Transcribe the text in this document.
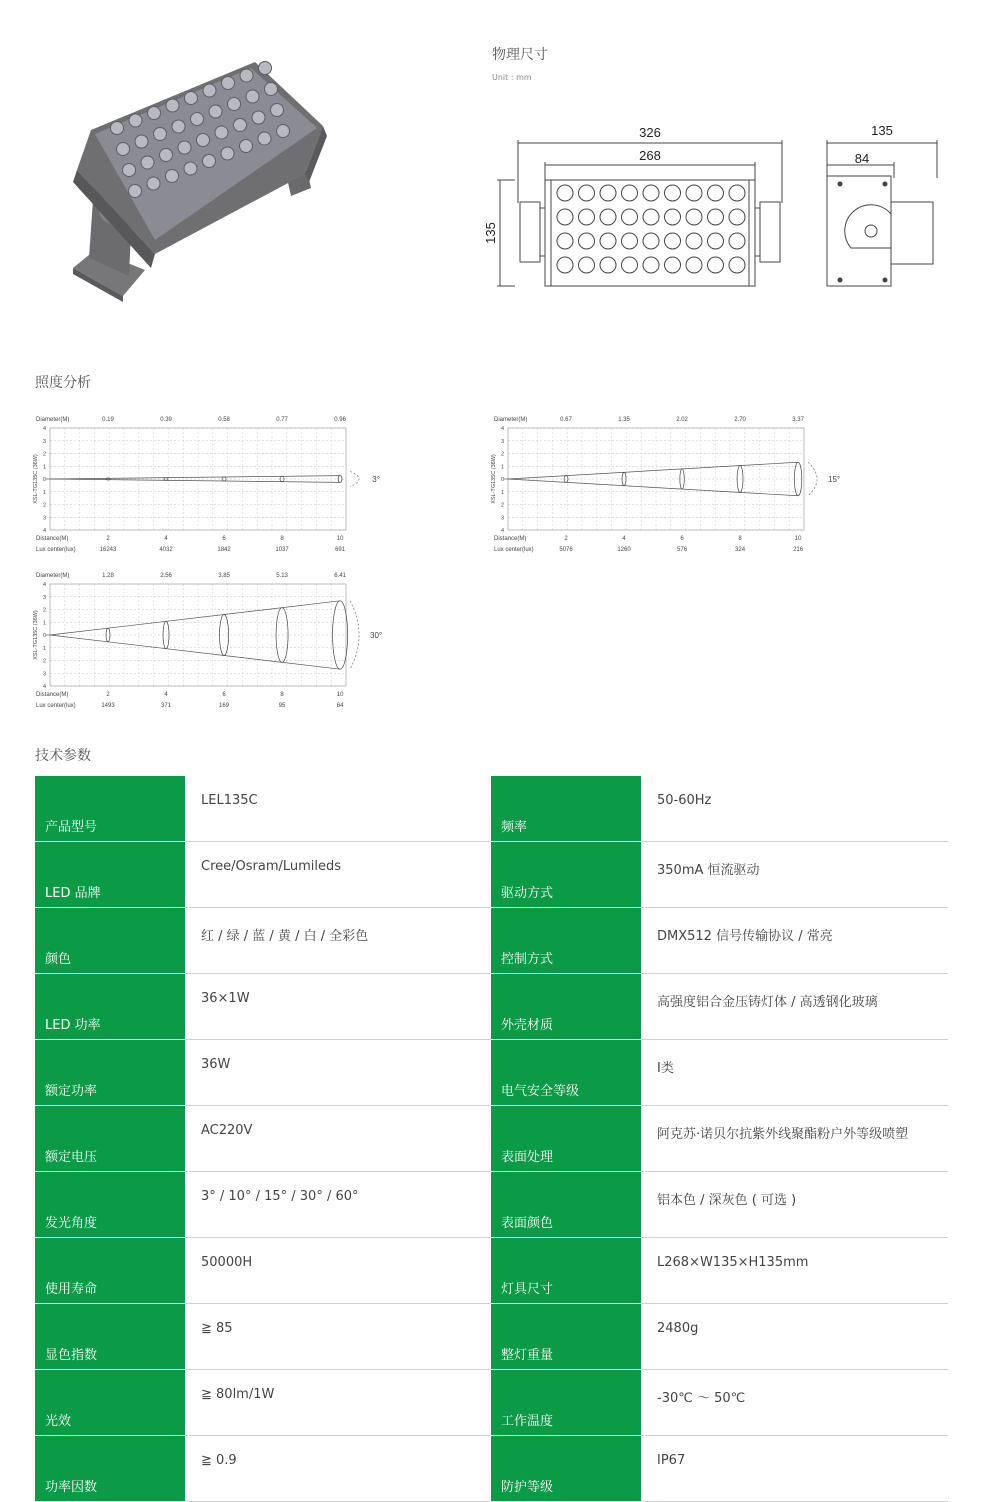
物理尺寸
Unit : mm
326
268
135
135
84
照度分析
Diameter(M)
4
3
2
1
0
1
2
3
4
XSL-TG135C (36W)
0.19
2
16243
0.39
4
4032
0.58
6
1842
0.77
8
1037
0.96
10
691
Distance(M)
Lux center(lux)
3°
Diameter(M)
4
3
2
1
0
1
2
3
4
XSL-TG135C (36W)
0.67
2
5076
1.35
4
1260
2.02
6
576
2.70
8
324
3.37
10
216
Distance(M)
Lux center(lux)
15°
Diameter(M)
4
3
2
1
0
1
2
3
4
XSL-TG135C (36W)
1.28
2
1493
2.56
4
371
3.85
6
169
5.13
8
95
6.41
10
64
Distance(M)
Lux center(lux)
30°
技术参数
产品型号	LEL135C	频率	50-60Hz
LED 品牌	Cree/Osram/Lumileds	驱动方式	350mA 恒流驱动
颜色	红 / 绿 / 蓝 / 黄 / 白 / 全彩色	控制方式	DMX512 信号传输协议 / 常亮
LED 功率	36×1W	外壳材质	高强度铝合金压铸灯体 / 高透钢化玻璃
额定功率	36W	电气安全等级	Ⅰ类
额定电压	AC220V	表面处理	阿克苏·诺贝尔抗紫外线聚酯粉户外等级喷塑
发光角度	3° / 10° / 15° / 30° / 60°	表面颜色	铝本色 / 深灰色 ( 可选 )
使用寿命	50000H	灯具尺寸	L268×W135×H135mm
显色指数	≧ 85	整灯重量	2480g
光效	≧ 80lm/1W	工作温度	-30℃ ～ 50℃
功率因数	≧ 0.9	防护等级	IP67
